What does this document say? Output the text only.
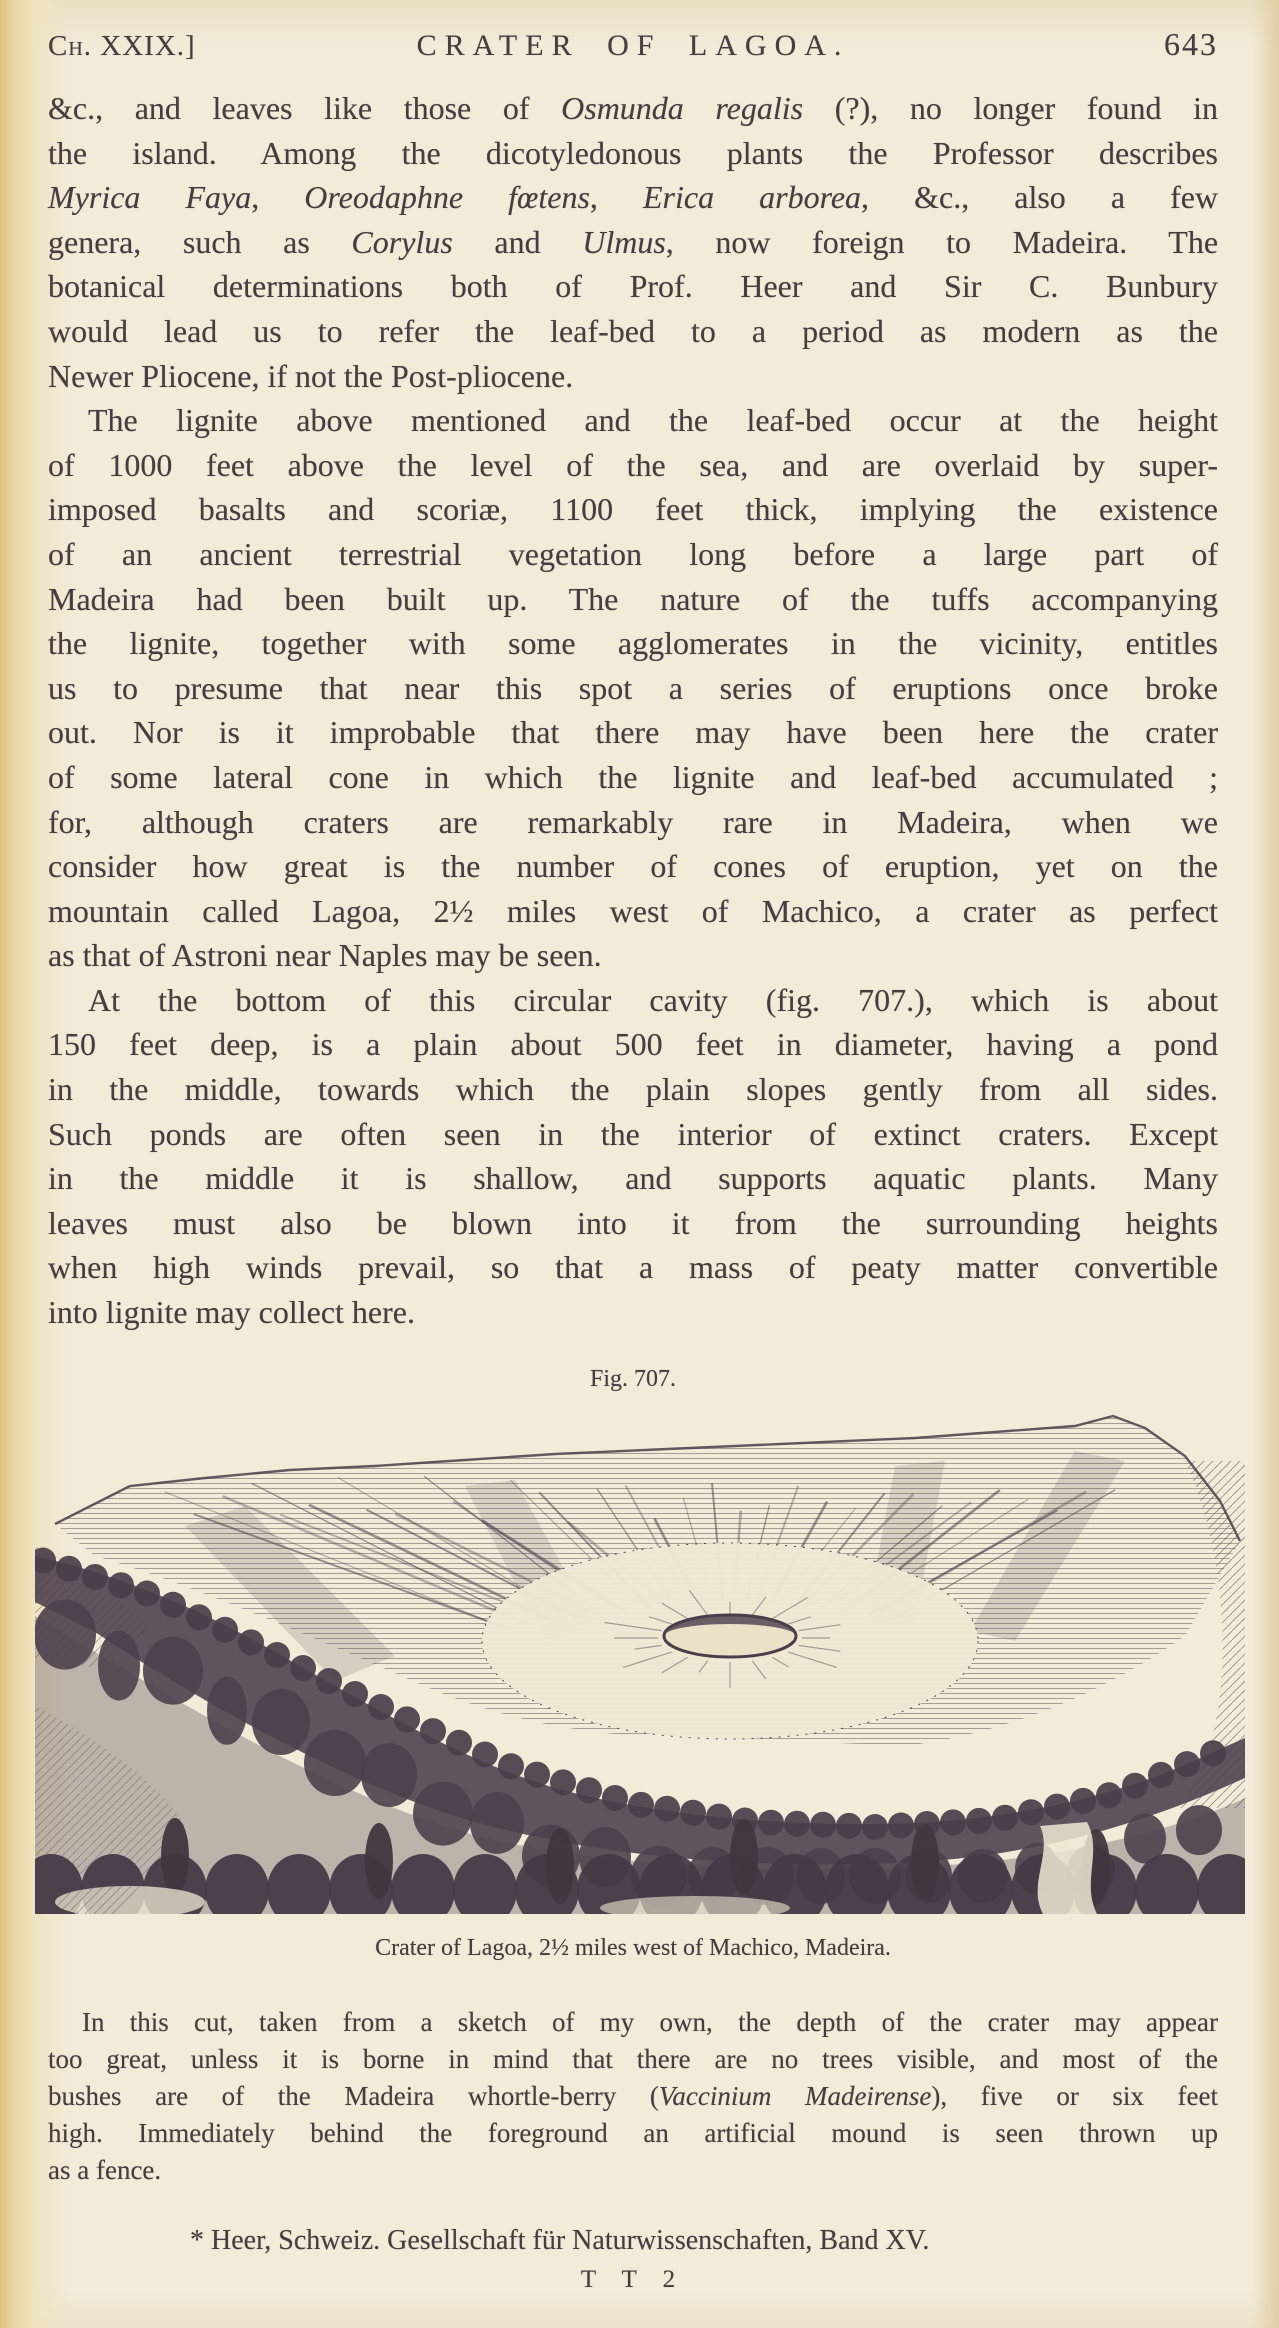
Ch. XXIX.]	CRATER OF LAGOA.	643
&c., and leaves like those of Osmunda regalis (?), no longer found in
the island. Among the dicotyledonous plants the Professor describes
Myrica Faya, Oreodaphne fœtens, Erica arborea, &c., also a few
genera, such as Corylus and Ulmus, now foreign to Madeira. The
botanical determinations both of Prof. Heer and Sir C. Bunbury
would lead us to refer the leaf-bed to a period as modern as the
Newer Pliocene, if not the Post-pliocene.
The lignite above mentioned and the leaf-bed occur at the height
of 1000 feet above the level of the sea, and are overlaid by super-
imposed basalts and scoriæ, 1100 feet thick, implying the existence
of an ancient terrestrial vegetation long before a large part of
Madeira had been built up. The nature of the tuffs accompanying
the lignite, together with some agglomerates in the vicinity, entitles
us to presume that near this spot a series of eruptions once broke
out. Nor is it improbable that there may have been here the crater
of some lateral cone in which the lignite and leaf-bed accumulated ;
for, although craters are remarkably rare in Madeira, when we
consider how great is the number of cones of eruption, yet on the
mountain called Lagoa, 2½ miles west of Machico, a crater as perfect
as that of Astroni near Naples may be seen.
At the bottom of this circular cavity (fig. 707.), which is about
150 feet deep, is a plain about 500 feet in diameter, having a pond
in the middle, towards which the plain slopes gently from all sides.
Such ponds are often seen in the interior of extinct craters. Except
in the middle it is shallow, and supports aquatic plants. Many
leaves must also be blown into it from the surrounding heights
when high winds prevail, so that a mass of peaty matter convertible
into lignite may collect here.
Fig. 707.
Crater of Lagoa, 2½ miles west of Machico, Madeira.
In this cut, taken from a sketch of my own, the depth of the crater may appear
too great, unless it is borne in mind that there are no trees visible, and most of the
bushes are of the Madeira whortle-berry (Vaccinium Madeirense), five or six feet
high. Immediately behind the foreground an artificial mound is seen thrown up
as a fence.
* Heer, Schweiz. Gesellschaft für Naturwissenschaften, Band XV.
T T 2
